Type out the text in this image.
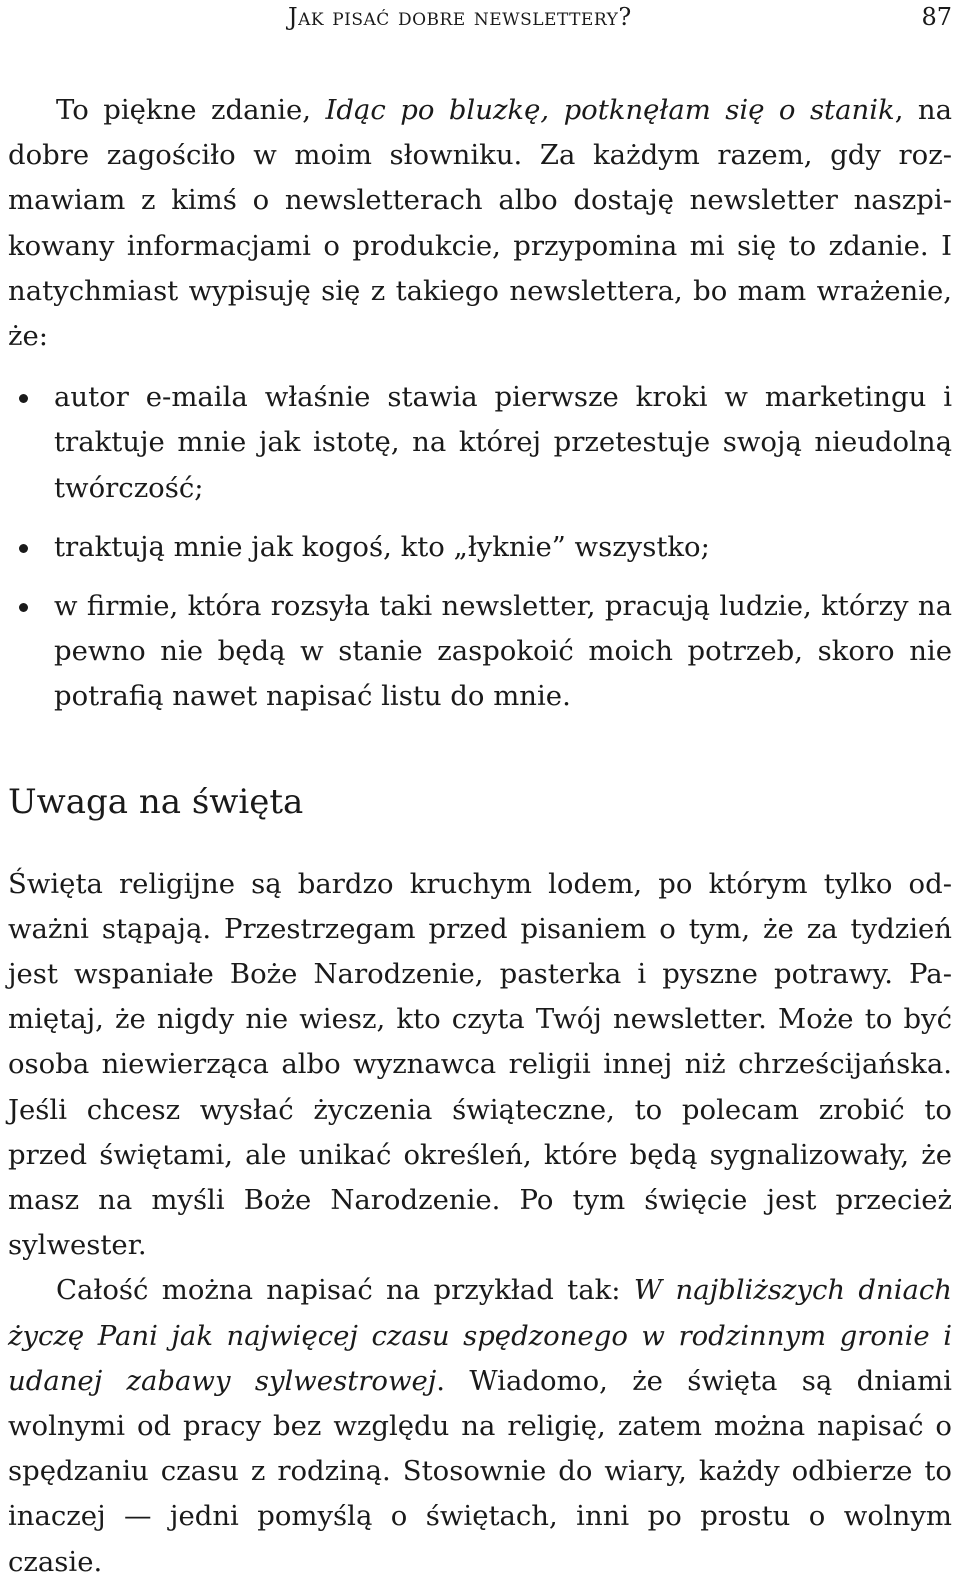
Jak pisać dobre newslettery?	87

To piękne zdanie, Idąc po bluzkę, potknęłam się o stanik, na dobre zagościło w moim słowniku. Za każdym razem, gdy rozmawiam z kimś o newsletterach albo dostaję newsletter naszpikowany informacjami o produkcie, przypomina mi się to zdanie. I natychmiast wypisuję się z takiego newslettera, bo mam wrażenie, że:

autor e-maila właśnie stawia pierwsze kroki w marketingu i traktuje mnie jak istotę, na której przetestuje swoją nieudolną twórczość;
traktują mnie jak kogoś, kto „łyknie” wszystko;
w firmie, która rozsyła taki newsletter, pracują ludzie, którzy na pewno nie będą w stanie zaspokoić moich potrzeb, skoro nie potrafią nawet napisać listu do mnie.
Uwaga na święta

Święta religijne są bardzo kruchym lodem, po którym tylko odważni stąpają. Przestrzegam przed pisaniem o tym, że za tydzień jest wspaniałe Boże Narodzenie, pasterka i pyszne potrawy. Pamiętaj, że nigdy nie wiesz, kto czyta Twój newsletter. Może to być osoba niewierząca albo wyznawca religii innej niż chrześcijańska. Jeśli chcesz wysłać życzenia świąteczne, to polecam zrobić to przed świętami, ale unikać określeń, które będą sygnalizowały, że masz na myśli Boże Narodzenie. Po tym święcie jest przecież sylwester.

Całość można napisać na przykład tak: W najbliższych dniach życzę Pani jak najwięcej czasu spędzonego w rodzinnym gronie i udanej zabawy sylwestrowej. Wiadomo, że święta są dniami wolnymi od pracy bez względu na religię, zatem można napisać o spędzaniu czasu z rodziną. Stosownie do wiary, każdy odbierze to inaczej — jedni pomyślą o świętach, inni po prostu o wolnym czasie.
